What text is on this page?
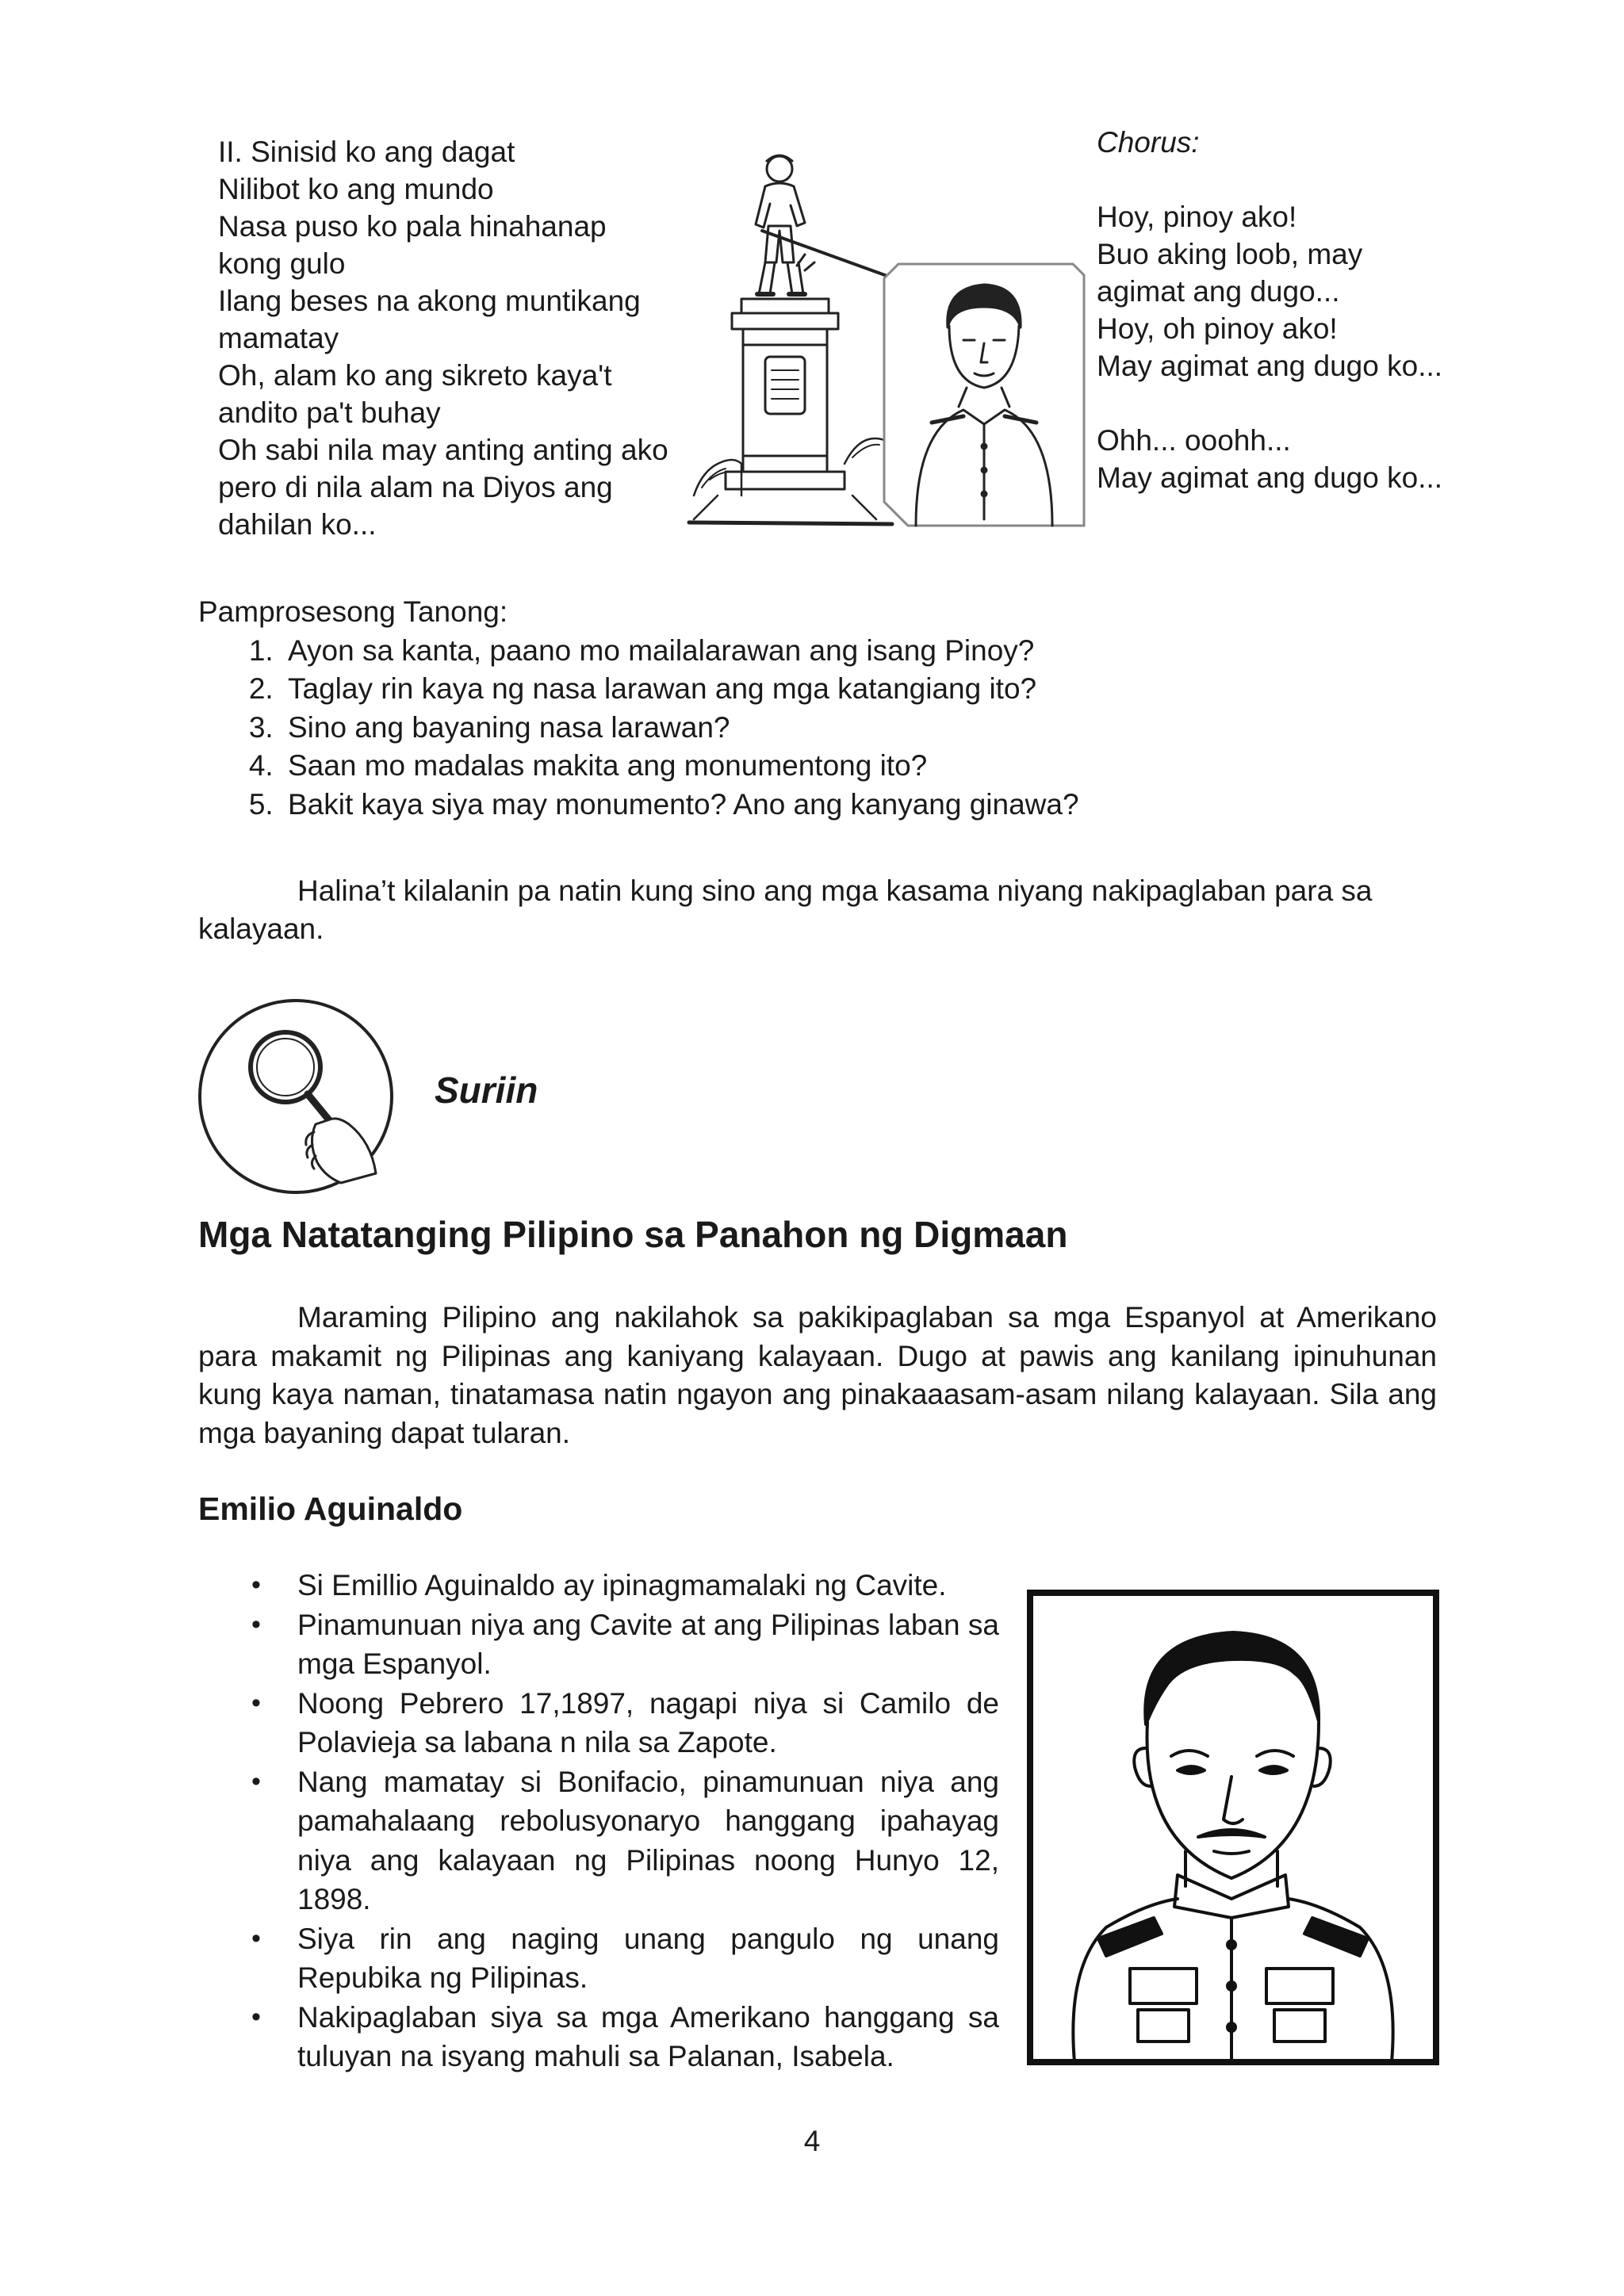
II. Sinisid ko ang dagat
Nilibot ko ang mundo
Nasa puso ko pala hinahanap
kong gulo
Ilang beses na akong muntikang
mamatay
Oh, alam ko ang sikreto kaya't
andito pa't buhay
Oh sabi nila may anting anting ako
pero di nila alam na Diyos ang
dahilan ko...
Chorus:
Hoy, pinoy ako!
Buo aking loob, may
agimat ang dugo...
Hoy, oh pinoy ako!
May agimat ang dugo ko...
Ohh... ooohh...
May agimat ang dugo ko...
Pamprosesong Tanong:
1. Ayon sa kanta, paano mo mailalarawan ang isang Pinoy?
2. Taglay rin kaya ng nasa larawan ang mga katangiang ito?
3. Sino ang bayaning nasa larawan?
4. Saan mo madalas makita ang monumentong ito?
5. Bakit kaya siya may monumento? Ano ang kanyang ginawa?
Halina’t kilalanin pa natin kung sino ang mga kasama niyang nakipaglaban para sa kalayaan.
Suriin
Mga Natatanging Pilipino sa Panahon ng Digmaan
Maraming Pilipino ang nakilahok sa pakikipaglaban sa mga Espanyol at Amerikano para makamit ng Pilipinas ang kaniyang kalayaan. Dugo at pawis ang kanilang ipinuhunan kung kaya naman, tinatamasa natin ngayon ang pinakaaasam-asam nilang kalayaan. Sila ang mga bayaning dapat tularan.
Emilio Aguinaldo
• Si Emillio Aguinaldo ay ipinagmamalaki ng Cavite.
• Pinamunuan niya ang Cavite at ang Pilipinas laban sa mga Espanyol.
• Noong Pebrero 17,1897, nagapi niya si Camilo de Polavieja sa labana n nila sa Zapote.
• Nang mamatay si Bonifacio, pinamunuan niya ang pamahalaang rebolusyonaryo hanggang ipahayag niya ang kalayaan ng Pilipinas noong Hunyo 12, 1898.
• Siya rin ang naging unang pangulo ng unang Repubika ng Pilipinas.
• Nakipaglaban siya sa mga Amerikano hanggang sa tuluyan na isyang mahuli sa Palanan, Isabela.
4
